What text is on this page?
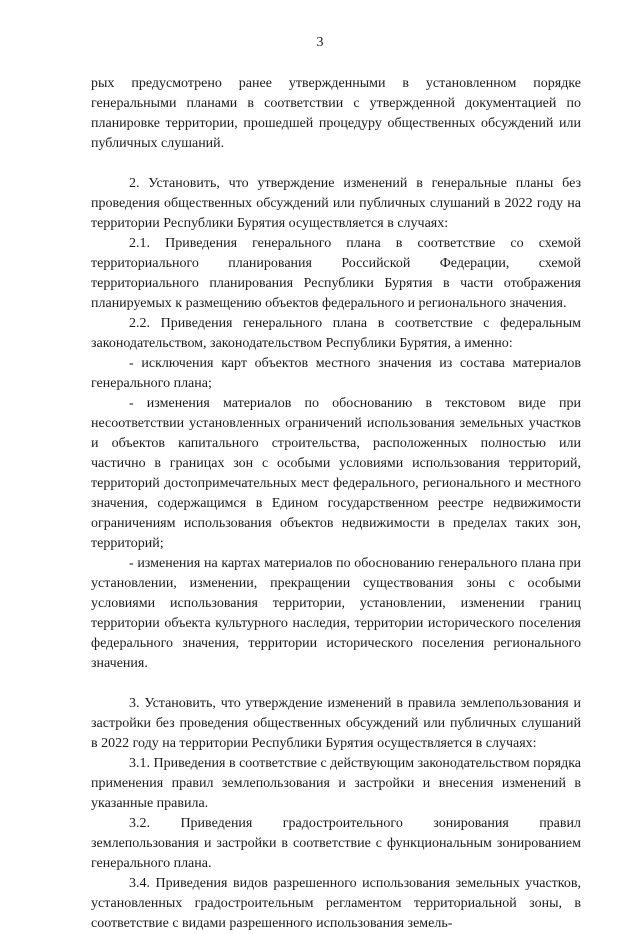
3

рых предусмотрено ранее утвержденными в установленном порядке генеральными планами в соответствии с утвержденной документацией по планировке территории, прошедшей процедуру общественных обсуждений или публичных слушаний.

2. Установить, что утверждение изменений в генеральные планы без проведения общественных обсуждений или публичных слушаний в 2022 году на территории Республики Бурятия осуществляется в случаях:

2.1. Приведения генерального плана в соответствие со схемой территориального планирования Российской Федерации, схемой территориального планирования Республики Бурятия в части отображения планируемых к размещению объектов федерального и регионального значения.

2.2. Приведения генерального плана в соответствие с федеральным законодательством, законодательством Республики Бурятия, а именно:

- исключения карт объектов местного значения из состава материалов генерального плана;

- изменения материалов по обоснованию в текстовом виде при несоответствии установленных ограничений использования земельных участков и объектов капитального строительства, расположенных полностью или частично в границах зон с особыми условиями использования территорий, территорий достопримечательных мест федерального, регионального и местного значения, содержащимся в Едином государственном реестре недвижимости ограничениям использования объектов недвижимости в пределах таких зон, территорий;

- изменения на картах материалов по обоснованию генерального плана при установлении, изменении, прекращении существования зоны с особыми условиями использования территории, установлении, изменении границ территории объекта культурного наследия, территории исторического поселения федерального значения, территории исторического поселения регионального значения.

3. Установить, что утверждение изменений в правила землепользования и застройки без проведения общественных обсуждений или публичных слушаний в 2022 году на территории Республики Бурятия осуществляется в случаях:

3.1. Приведения в соответствие с действующим законодательством порядка применения правил землепользования и застройки и внесения изменений в указанные правила.

3.2. Приведения градостроительного зонирования правил землепользования и застройки в соответствие с функциональным зонированием генерального плана.

3.4. Приведения видов разрешенного использования земельных участков, установленных градостроительным регламентом территориальной зоны, в соответствие с видами разрешенного использования земель-
